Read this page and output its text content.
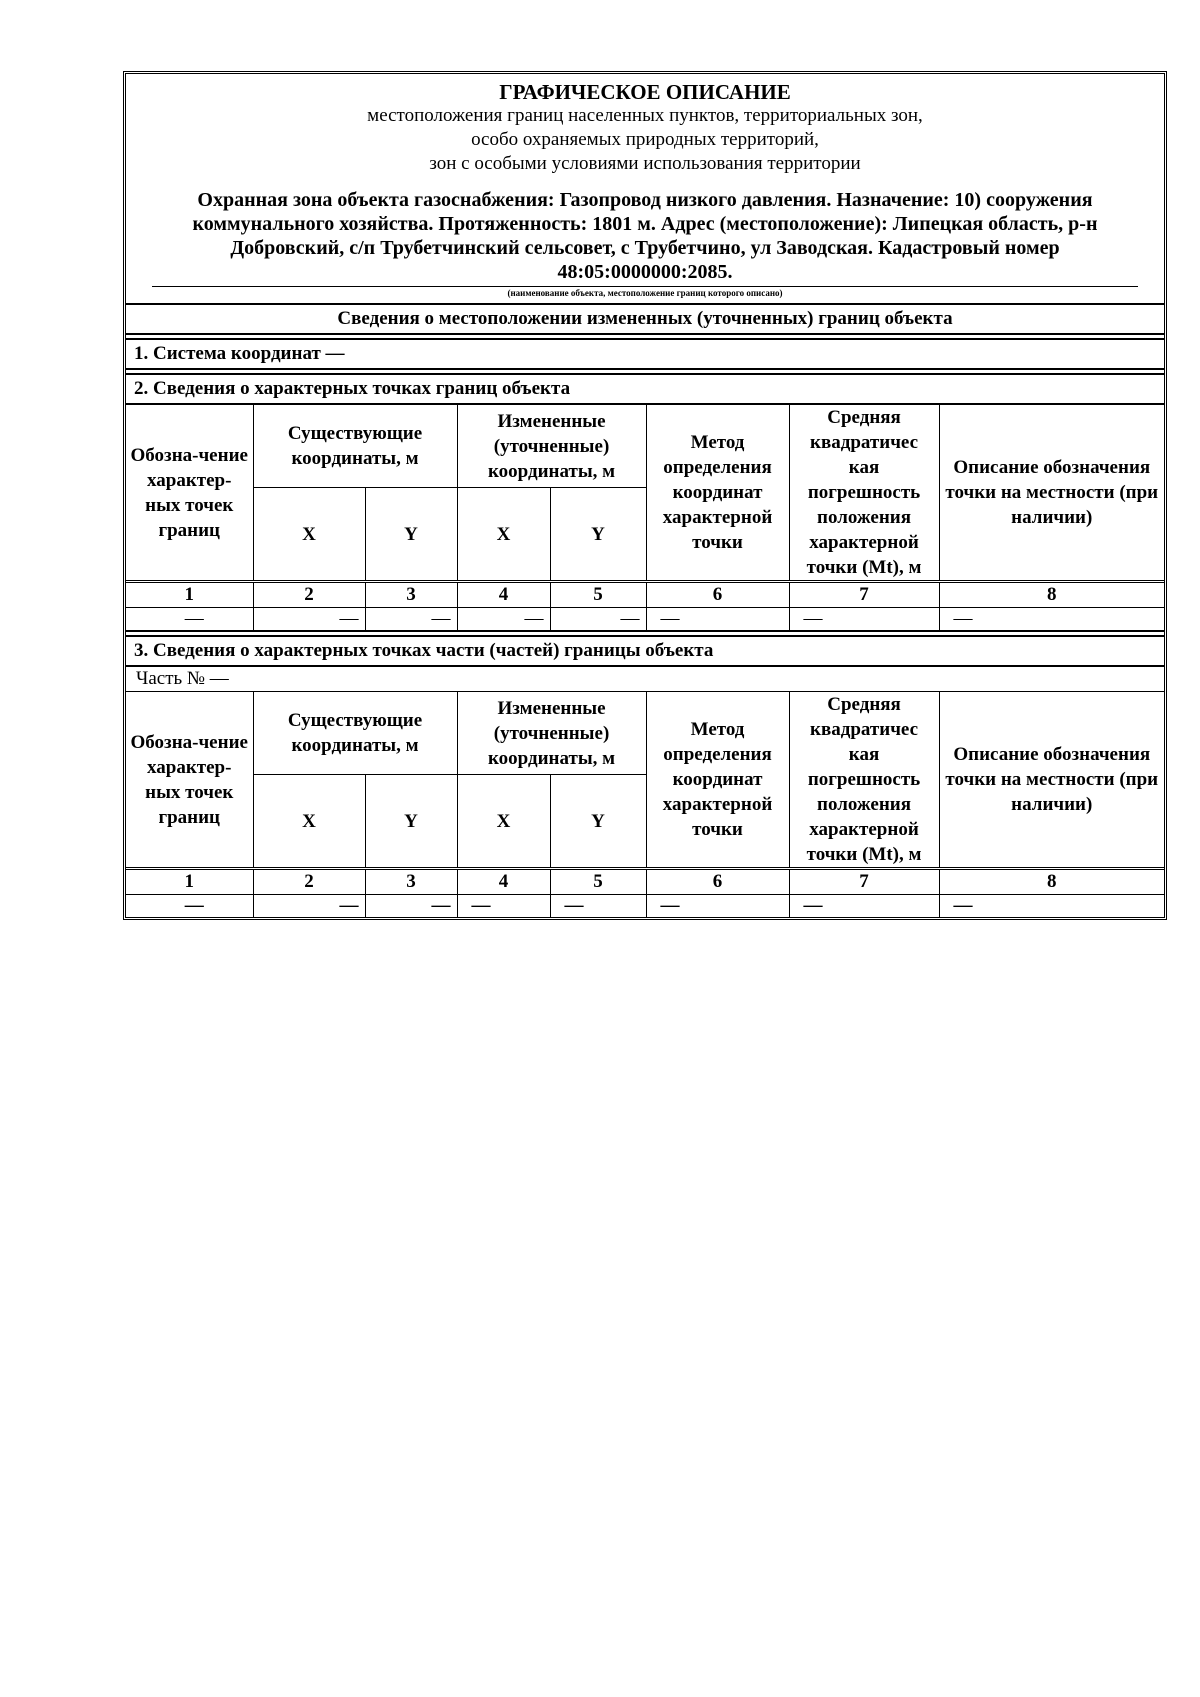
ГРАФИЧЕСКОЕ ОПИСАНИЕ
местоположения границ населенных пунктов, территориальных зон,
особо охраняемых природных территорий,
зон с особыми условиями использования территории
Охранная зона объекта газоснабжения: Газопровод низкого давления. Назначение: 10) сооружения коммунального хозяйства. Протяженность: 1801 м. Адрес (местоположение): Липецкая область, р-н Добровский, с/п Трубетчинский сельсовет, с Трубетчино, ул Заводская. Кадастровый номер 48:05:0000000:2085.
(наименование объекта, местоположение границ которого описано)
Сведения о местоположении измененных (уточненных) границ объекта
1. Система координат —
2. Сведения о характерных точках границ объекта
Обозна-чение характер-ных точек границ	Существующие координаты, м		Измененные (уточненные) координаты, м		Метод определения координат характерной точки	Средняя квадратичес кая погрешность положения характерной точки (Mt), м	Описание обозначения точки на местности (при наличии)
	X	Y	X	Y			
1	2	3	4	5	6	7	8
—	—	—	—	—	—	—	—
3. Сведения о характерных точках части (частей) границы объекта
Часть № —
Обозна-чение характер-ных точек границ	Существующие координаты, м		Измененные (уточненные) координаты, м		Метод определения координат характерной точки	Средняя квадратичес кая погрешность положения характерной точки (Mt), м	Описание обозначения точки на местности (при наличии)
	X	Y	X	Y			
1	2	3	4	5	6	7	8
—	—	—	—	—	—	—	—
